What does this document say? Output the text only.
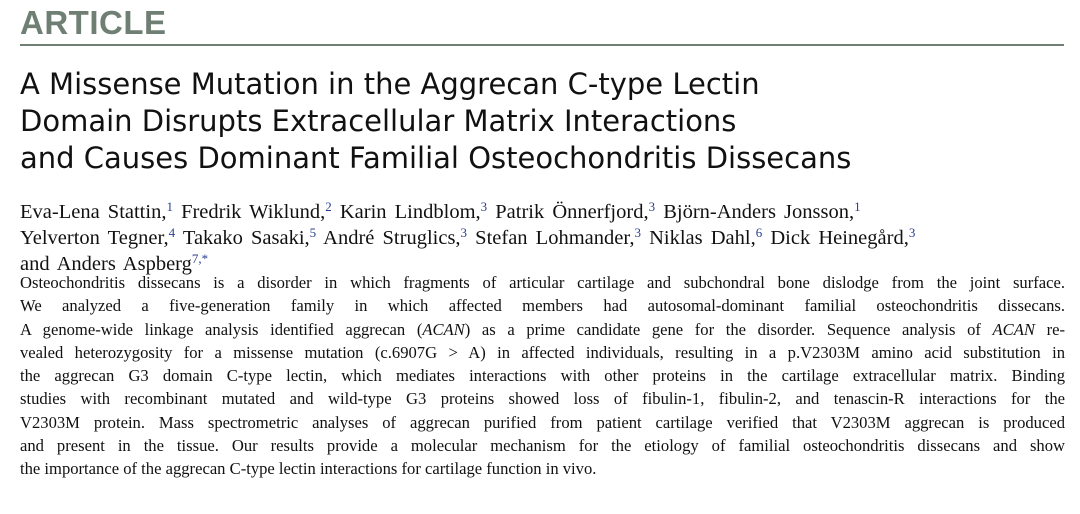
ARTICLE
A Missense Mutation in the Aggrecan C-type Lectin
Domain Disrupts Extracellular Matrix Interactions
and Causes Dominant Familial Osteochondritis Dissecans
Eva-Lena Stattin,$^1$ Fredrik Wiklund,$^2$ Karin Lindblom,$^3$ Patrik Önnerfjord,$^3$ Björn-Anders Jonsson,$^1$
Yelverton Tegner,$^4$ Takako Sasaki,$^5$ André Struglics,$^3$ Stefan Lohmander,$^3$ Niklas Dahl,$^6$ Dick Heinegård,$^3$
and Anders Aspberg$^{7,*}$
Osteochondritis dissecans is a disorder in which fragments of articular cartilage and subchondral bone dislodge from the joint surface.
We analyzed a five-generation family in which affected members had autosomal-dominant familial osteochondritis dissecans.
A genome-wide linkage analysis identified aggrecan (ACAN) as a prime candidate gene for the disorder. Sequence analysis of ACAN re-
vealed heterozygosity for a missense mutation (c.6907G > A) in affected individuals, resulting in a p.V2303M amino acid substitution in
the aggrecan G3 domain C-type lectin, which mediates interactions with other proteins in the cartilage extracellular matrix. Binding
studies with recombinant mutated and wild-type G3 proteins showed loss of fibulin-1, fibulin-2, and tenascin-R interactions for the
V2303M protein. Mass spectrometric analyses of aggrecan purified from patient cartilage verified that V2303M aggrecan is produced
and present in the tissue. Our results provide a molecular mechanism for the etiology of familial osteochondritis dissecans and show
the importance of the aggrecan C-type lectin interactions for cartilage function in vivo.
